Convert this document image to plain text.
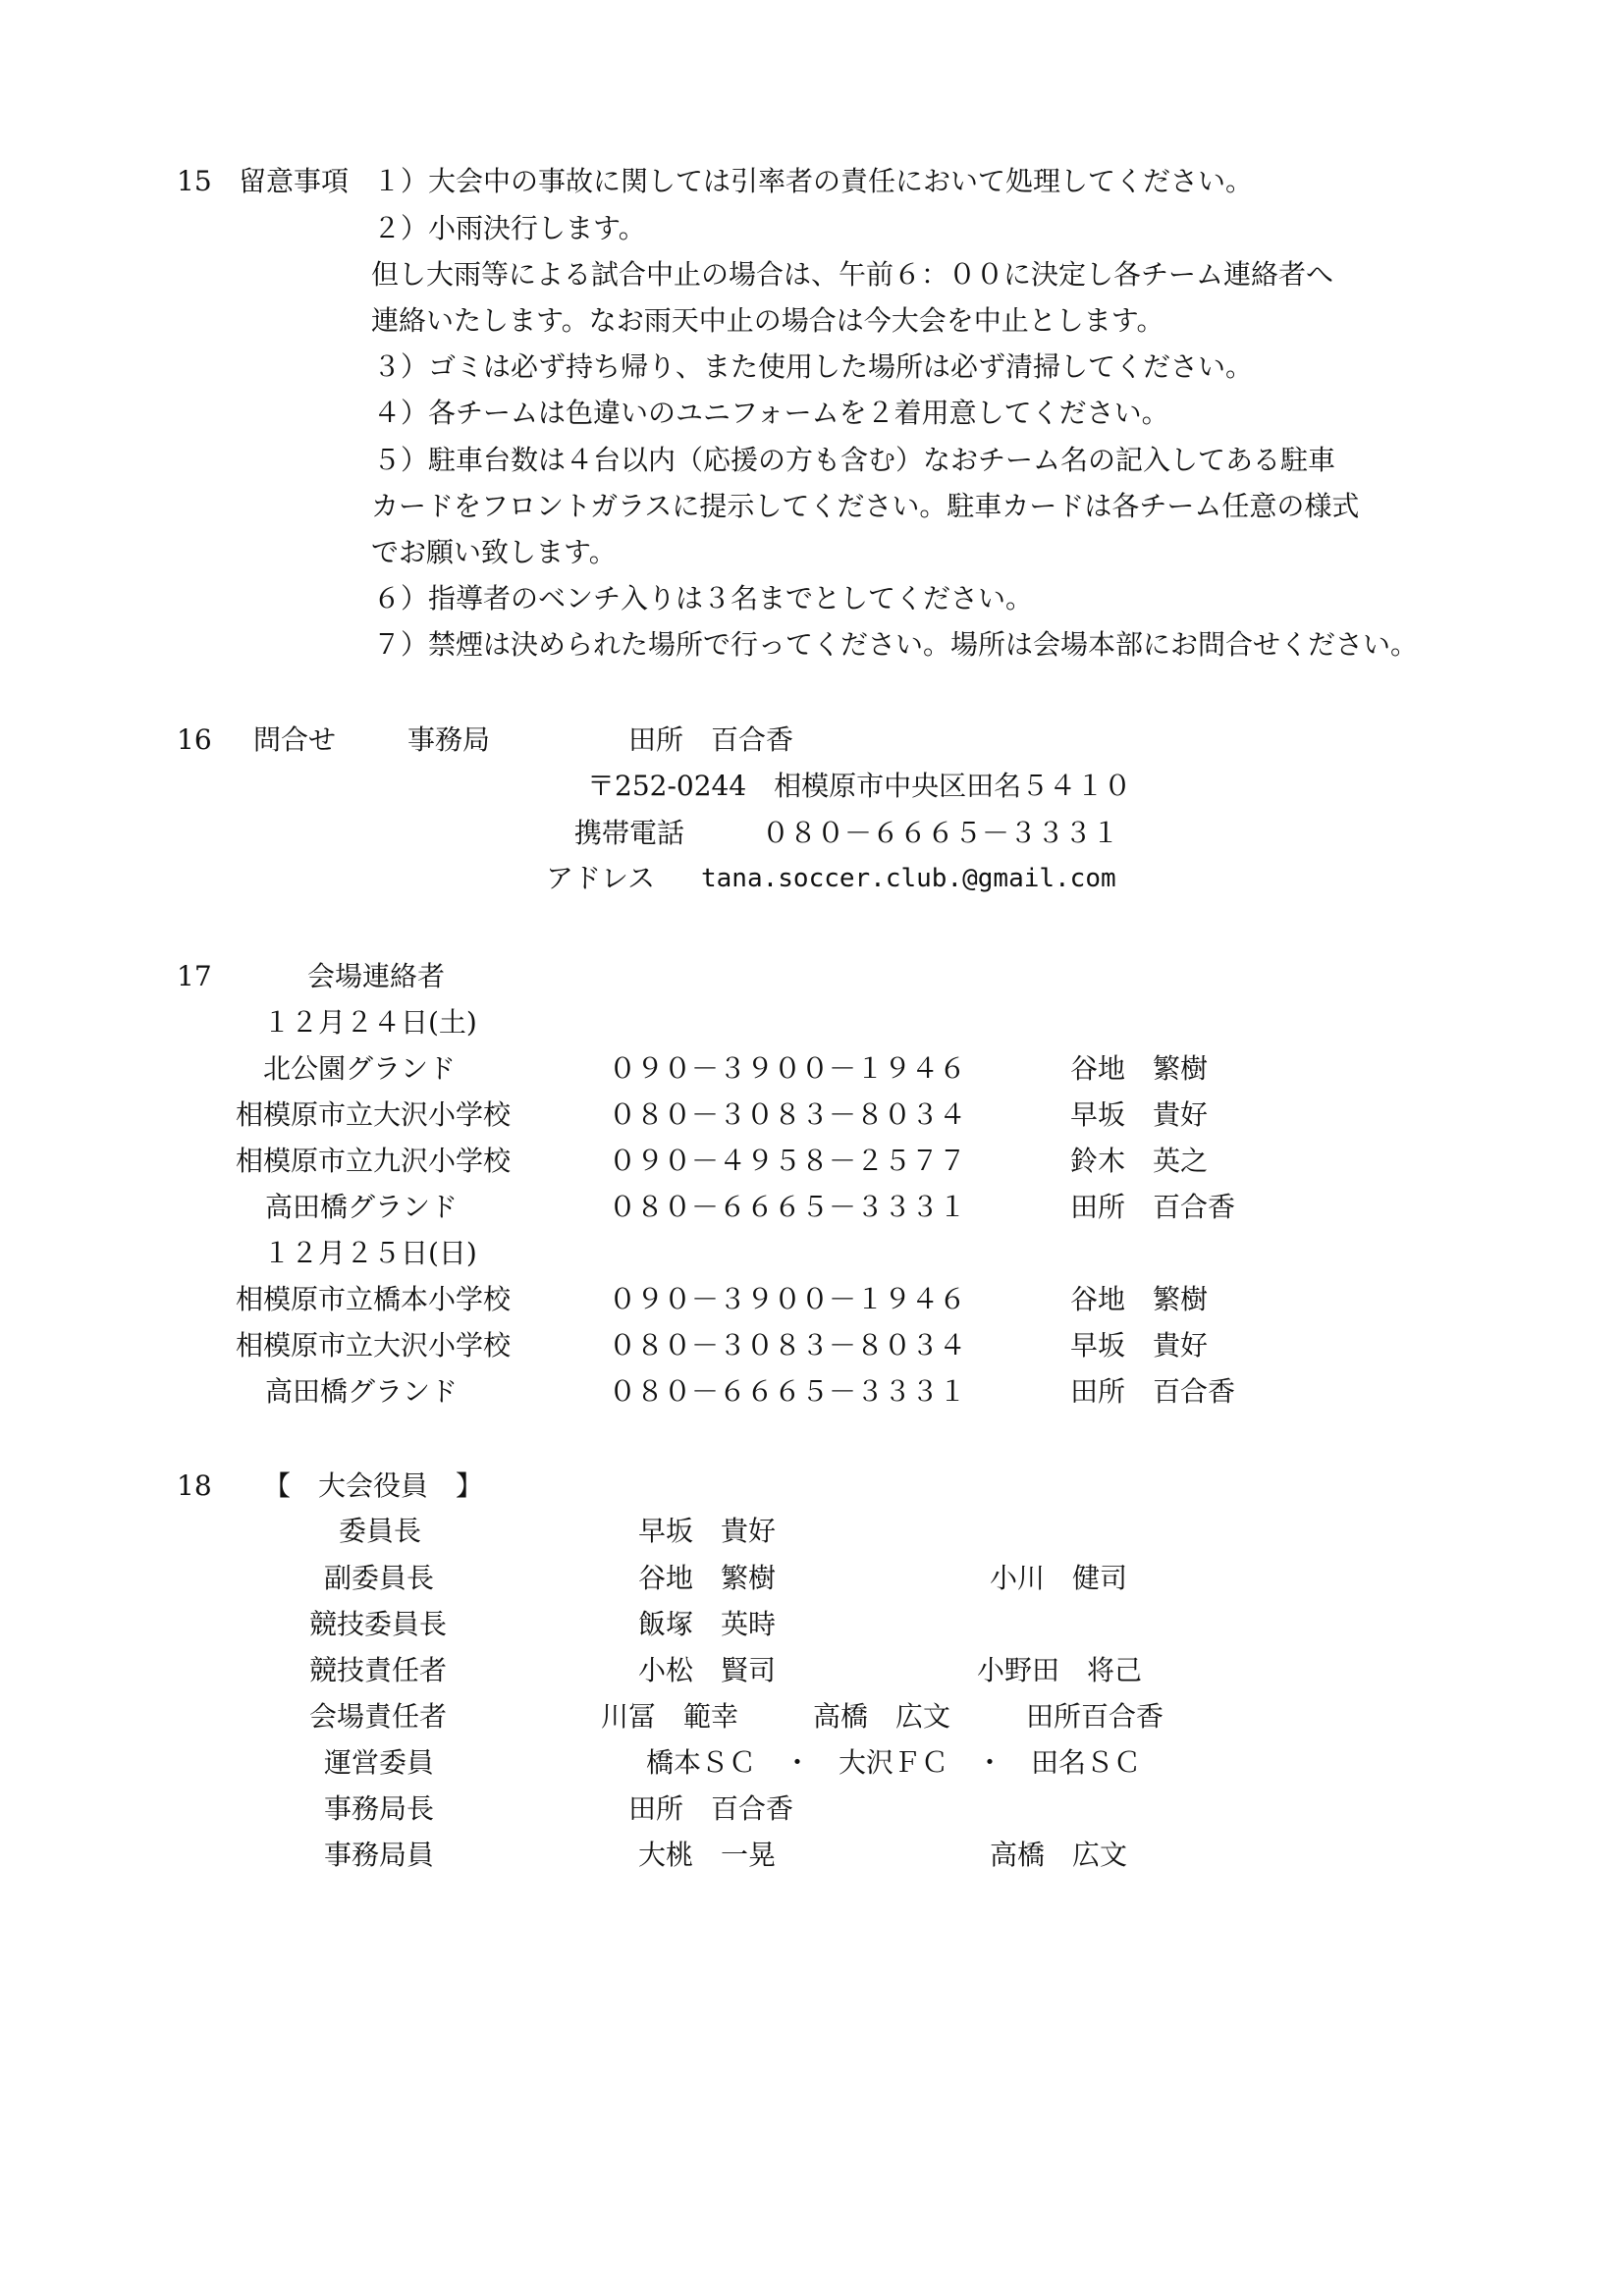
15 留意事項 １）大会中の事故に関しては引率者の責任において処理してください。
２）小雨決行します。
但し大雨等による試合中止の場合は、午前６：００に決定し各チーム連絡者へ
連絡いたします。なお雨天中止の場合は今大会を中止とします。
３）ゴミは必ず持ち帰り、また使用した場所は必ず清掃してください。
４）各チームは色違いのユニフォームを２着用意してください。
５）駐車台数は４台以内（応援の方も含む）なおチーム名の記入してある駐車
カードをフロントガラスに提示してください。駐車カードは各チーム任意の様式
でお願い致します。
６）指導者のベンチ入りは３名までとしてください。
７）禁煙は決められた場所で行ってください。場所は会場本部にお問合せください。
16 問合せ	事務局	田所　百合香
〒252-0244　相模原市中央区田名５４１０
携帯電話	０８０－６６６５－３３３１
アドレス tana.soccer.club.@gmail.com
17	会場連絡者
１２月２４日(土)
北公園グランド	０９０－３９００－１９４６	谷地　繁樹
相模原市立大沢小学校	０８０－３０８３－８０３４	早坂　貴好
相模原市立九沢小学校	０９０－４９５８－２５７７	鈴木　英之
高田橋グランド	０８０－６６６５－３３３１	田所　百合香
１２月２５日(日)
相模原市立橋本小学校	０９０－３９００－１９４６	谷地　繁樹
相模原市立大沢小学校	０８０－３０８３－８０３４	早坂　貴好
高田橋グランド	０８０－６６６５－３３３１	田所　百合香
18 【　大会役員　】
委員長	早坂　貴好
副委員長	谷地　繁樹	小川　健司
競技委員長	飯塚　英時
競技責任者	小松　賢司	小野田　将己
会場責任者	川冨　範幸	高橋　広文	田所百合香
運営委員	橋本ＳＣ　・　大沢ＦＣ　・　田名ＳＣ
事務局長	田所　百合香
事務局員	大桃　一晃	高橋　広文
